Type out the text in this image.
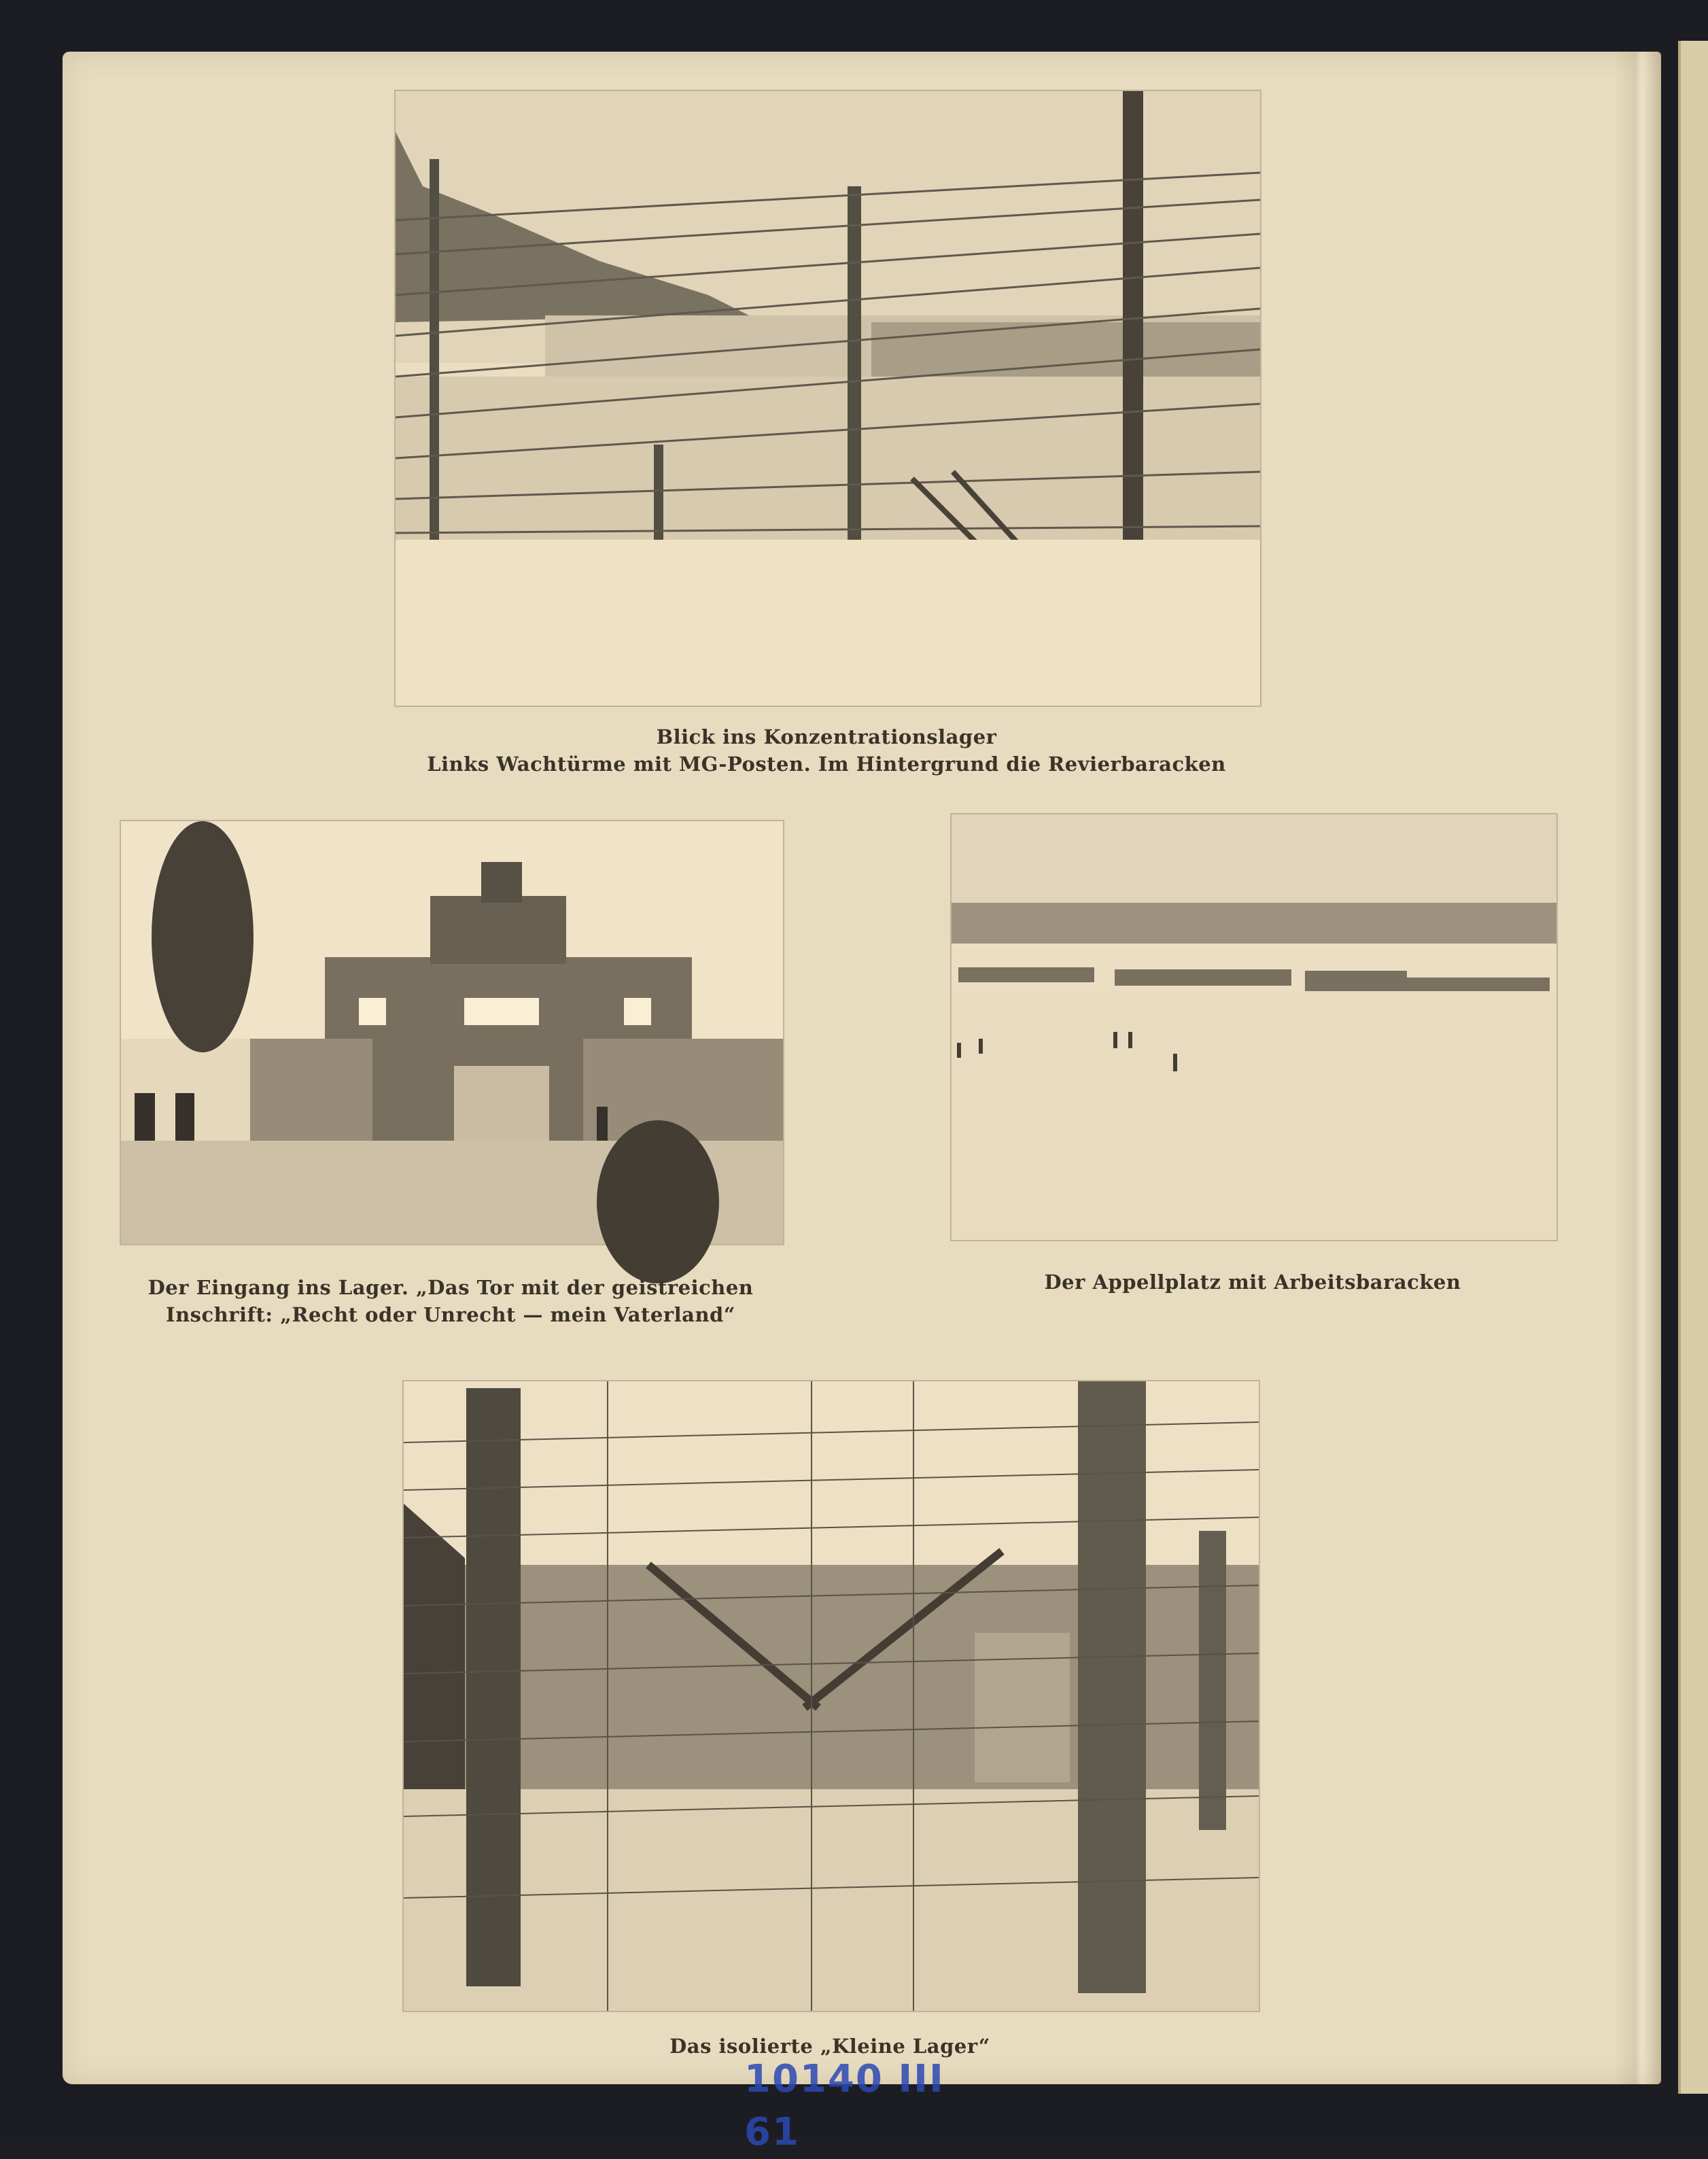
Blick ins Konzentrationslager
Links Wachtürme mit MG-Posten. Im Hintergrund die Revierbaracken
Der Eingang ins Lager. „Das Tor mit der geistreichen
Inschrift: „Recht oder Unrecht — mein Vaterland“
Der Appellplatz mit Arbeitsbaracken
Das isolierte „Kleine Lager“
10140 III 61
